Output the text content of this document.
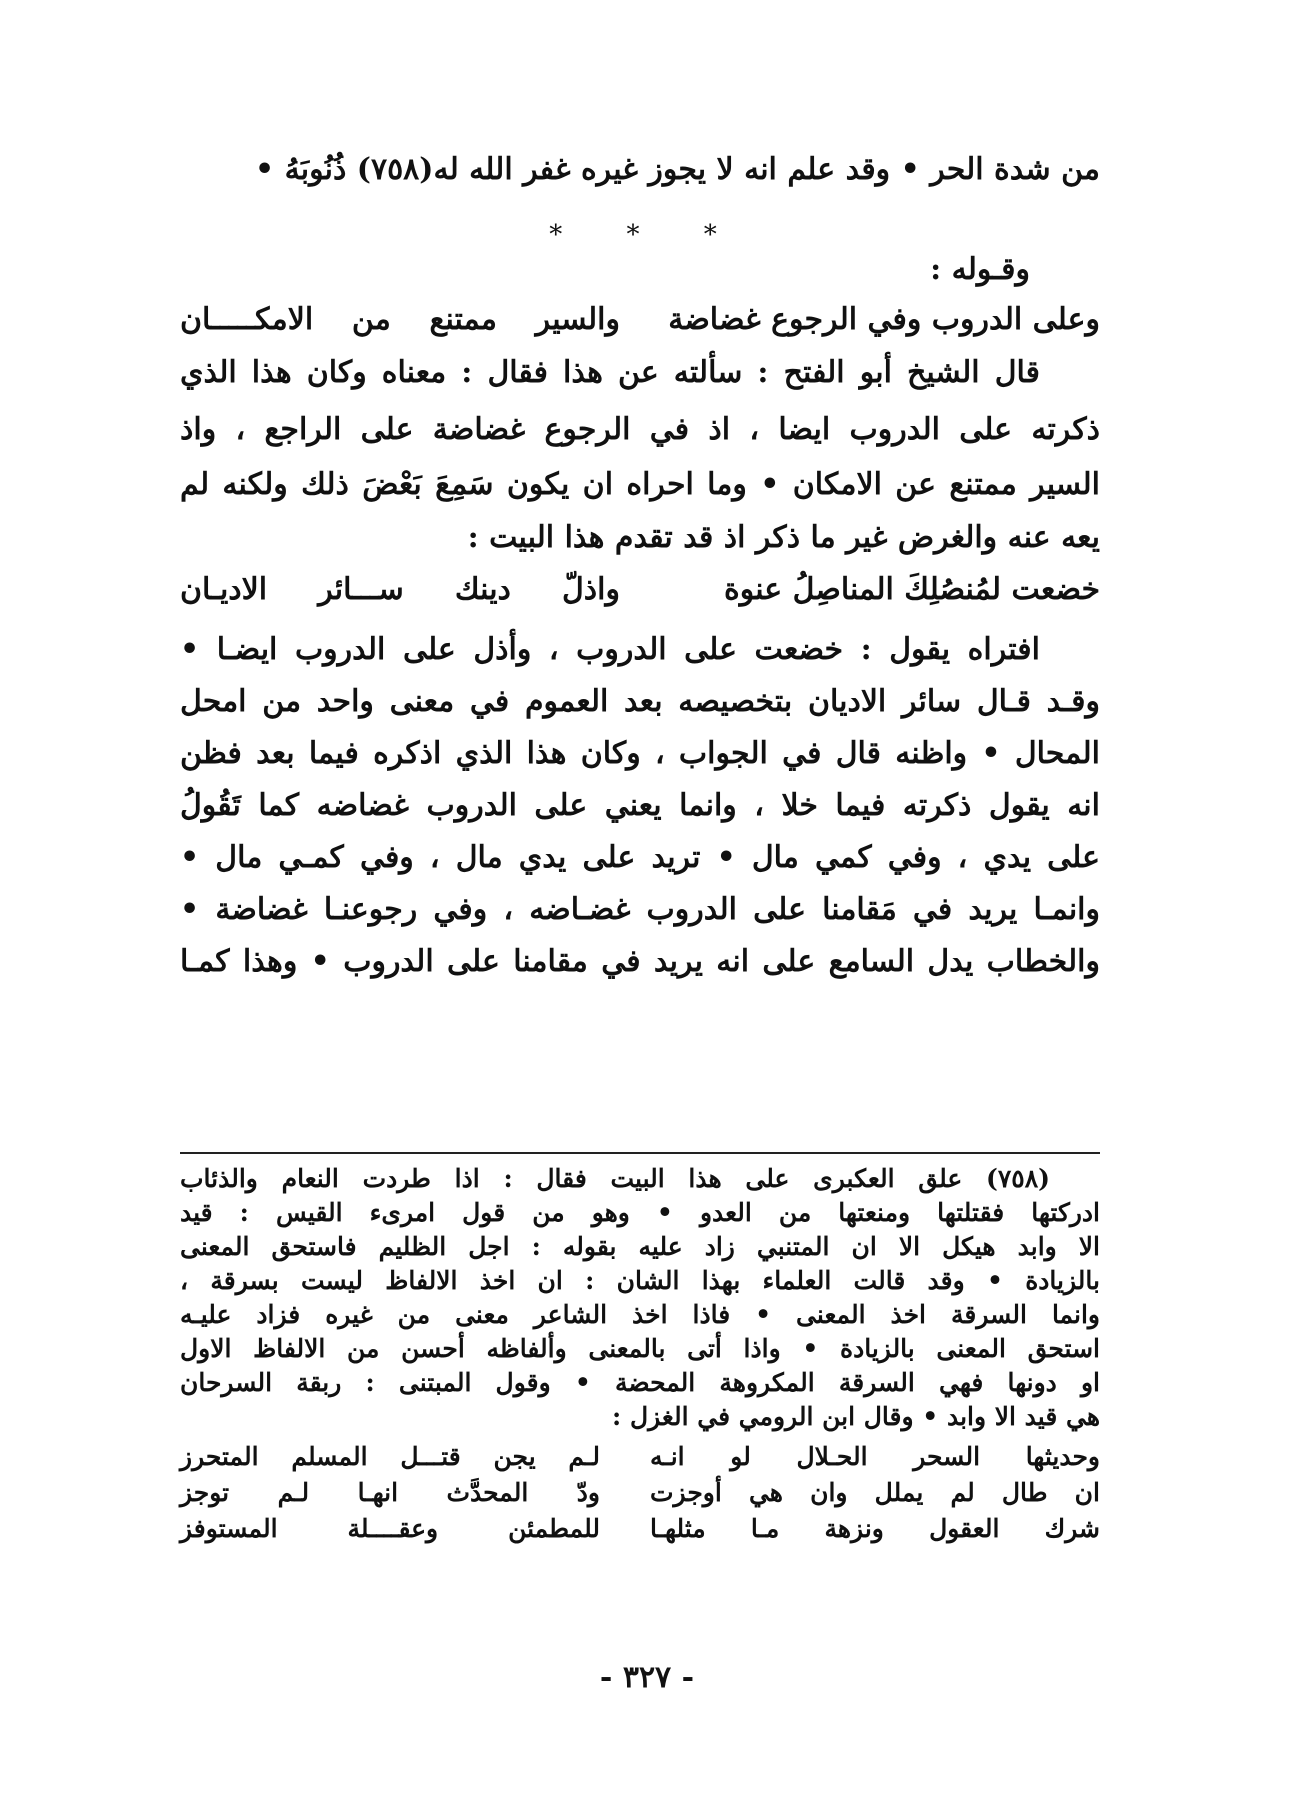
من شدة الحر • وقد علم انه لا يجوز غيره غفر الله له(٧٥٨) ذُنُوبَهُ •
* * *
وقـوله :
وعلى الدروب وفي الرجوع غضاضة
والسير ممتنع من الامكـــــان
قال الشيخ أبو الفتح : سألته عن هذا فقال : معناه وكان هذا الذي
ذكرته على الدروب ايضا ، اذ في الرجوع غضاضة على الراجع ، واذ
السير ممتنع عن الامكان • وما احراه ان يكون سَمِعَ بَعْضَ ذلك ولكنه لم
يعه عنه والغرض غير ما ذكر اذ قد تقدم هذا البيت :
خضعت لمُنصُلِكَ المناصِلُ عنوة
واذلّ دينك ســـائر الاديـان
افتراه يقول : خضعت على الدروب ، وأذل على الدروب ايضـا •
وقـد قـال سائر الاديان بتخصيصه بعد العموم في معنى واحد من امحل
المحال • واظنه قال في الجواب ، وكان هذا الذي اذكره فيما بعد فظن
انه يقول ذكرته فيما خلا ، وانما يعني على الدروب غضاضه كما تَقُولُ
على يدي ، وفي كمي مال • تريد على يدي مال ، وفي كمـي مال •
وانمـا يريد في مَقامنا على الدروب غضـاضه ، وفي رجوعنـا غضاضة •
والخطاب يدل السامع على انه يريد في مقامنا على الدروب • وهذا كمـا
(٧٥٨) علق العكبرى على هذا البيت فقال : اذا طردت النعام والذئاب
ادركتها فقتلتها ومنعتها من العدو • وهو من قول امرىء القيس : قيد
الا وابد هيكل الا ان المتنبي زاد عليه بقوله : اجل الظليم فاستحق المعنى
بالزيادة • وقد قالت العلماء بهذا الشان : ان اخذ الالفاظ ليست بسرقة ،
وانما السرقة اخذ المعنى • فاذا اخذ الشاعر معنى من غيره فزاد عليـه
استحق المعنى بالزيادة • واذا أتى بالمعنى وألفاظه أحسن من الالفاظ الاول
او دونها فهي السرقة المكروهة المحضة • وقول المبتنى : ربقة السرحان
هي قيد الا وابد • وقال ابن الرومي في الغزل :
وحديثها السحر الحـلال لو انـه
لـم يجن قتـــل المسلم المتحرز
ان طال لم يملل وان هي أوجزت
ودّ المحدَّث انهـا لـم توجز
شرك العقول ونزهة مـا مثلهـا
للمطمئن وعقــــلة المستوفز
- ٣٢٧ -
